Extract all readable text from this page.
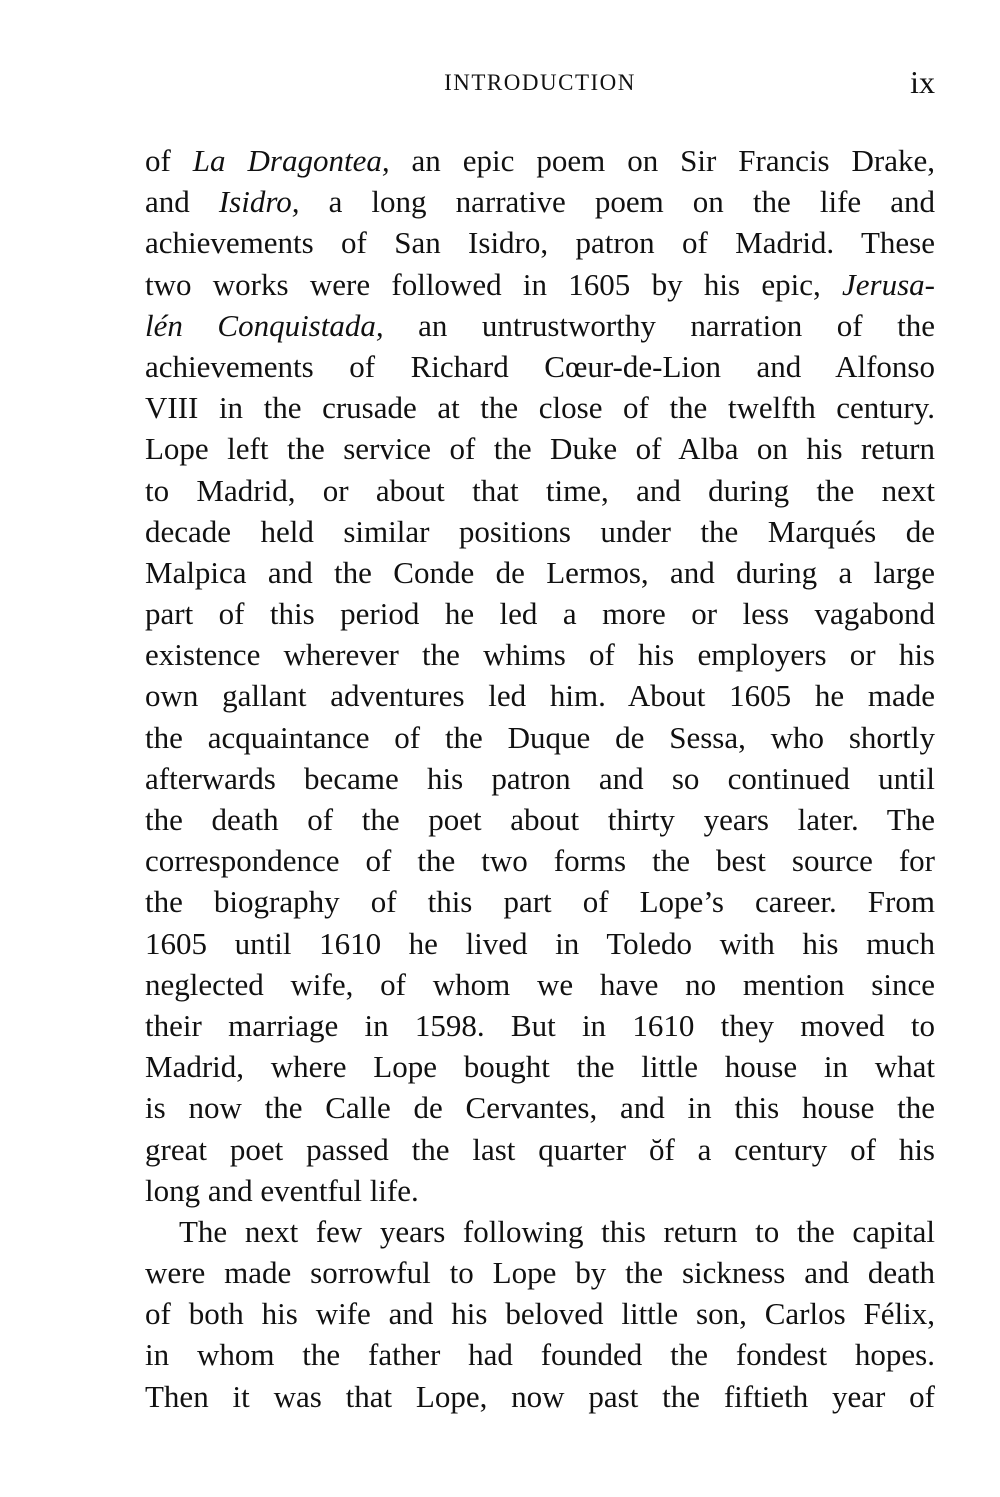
INTRODUCTION	ix
of La Dragontea, an epic poem on Sir Francis Drake,
and Isidro, a long narrative poem on the life and
achievements of San Isidro, patron of Madrid. These
two works were followed in 1605 by his epic, Jerusa-
lén Conquistada, an untrustworthy narration of the
achievements of Richard Cœur-de-Lion and Alfonso
VIII in the crusade at the close of the twelfth century.
Lope left the service of the Duke of Alba on his return
to Madrid, or about that time, and during the next
decade held similar positions under the Marqués de
Malpica and the Conde de Lermos, and during a large
part of this period he led a more or less vagabond
existence wherever the whims of his employers or his
own gallant adventures led him. About 1605 he made
the acquaintance of the Duque de Sessa, who shortly
afterwards became his patron and so continued until
the death of the poet about thirty years later. The
correspondence of the two forms the best source for
the biography of this part of Lope’s career. From
1605 until 1610 he lived in Toledo with his much
neglected wife, of whom we have no mention since
their marriage in 1598. But in 1610 they moved to
Madrid, where Lope bought the little house in what
is now the Calle de Cervantes, and in this house the
great poet passed the last quarter ŏf a century of his
long and eventful life.
The next few years following this return to the capital
were made sorrowful to Lope by the sickness and death
of both his wife and his beloved little son, Carlos Félix,
in whom the father had founded the fondest hopes.
Then it was that Lope, now past the fiftieth year of
